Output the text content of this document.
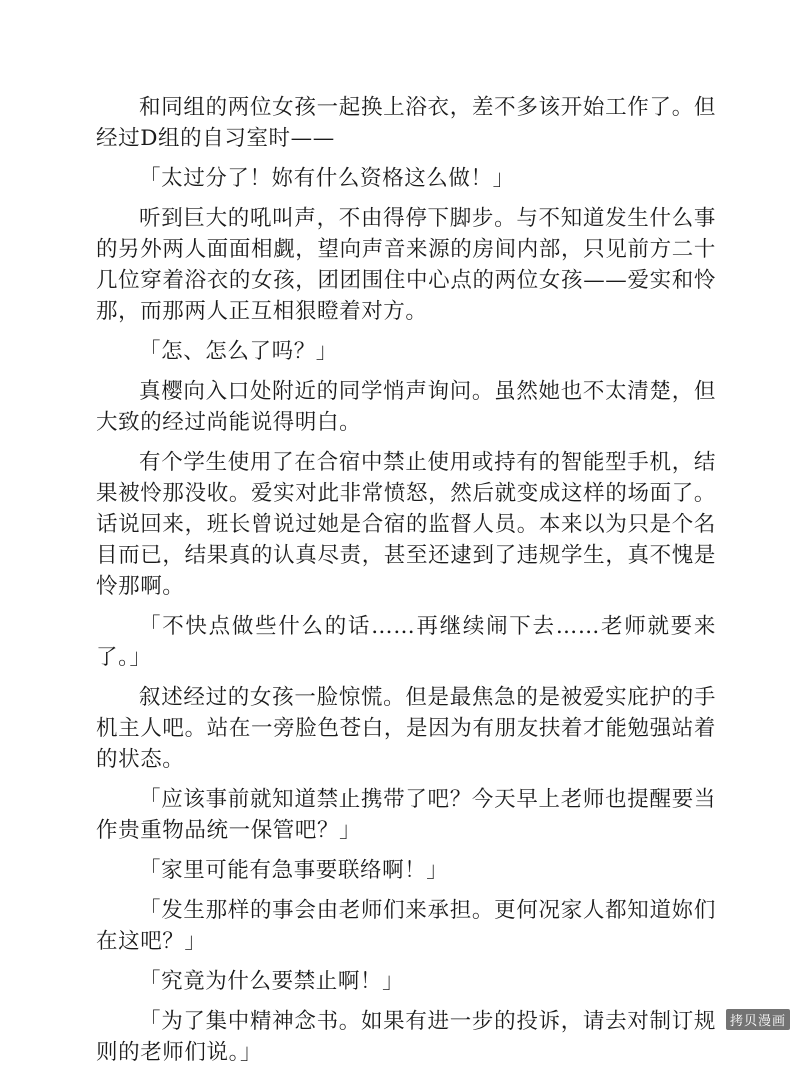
和同组的两位女孩一起换上浴衣，差不多该开始工作了。但经过D组的自习室时——

「太过分了！妳有什么资格这么做！」

听到巨大的吼叫声，不由得停下脚步。与不知道发生什么事的另外两人面面相觑，望向声音来源的房间内部，只见前方二十几位穿着浴衣的女孩，团团围住中心点的两位女孩——爱实和怜那，而那两人正互相狠瞪着对方。

「怎、怎么了吗？」

真樱向入口处附近的同学悄声询问。虽然她也不太清楚，但大致的经过尚能说得明白。

有个学生使用了在合宿中禁止使用或持有的智能型手机，结果被怜那没收。爱实对此非常愤怒，然后就变成这样的场面了。话说回来，班长曾说过她是合宿的监督人员。本来以为只是个名目而已，结果真的认真尽责，甚至还逮到了违规学生，真不愧是怜那啊。

「不快点做些什么的话……再继续闹下去……老师就要来了。」

叙述经过的女孩一脸惊慌。但是最焦急的是被爱实庇护的手机主人吧。站在一旁脸色苍白，是因为有朋友扶着才能勉强站着的状态。

「应该事前就知道禁止携带了吧？今天早上老师也提醒要当作贵重物品统一保管吧？」

「家里可能有急事要联络啊！」

「发生那样的事会由老师们来承担。更何况家人都知道妳们在这吧？」

「究竟为什么要禁止啊！」

「为了集中精神念书。如果有进一步的投诉，请去对制订规则的老师们说。」

拷贝漫画
